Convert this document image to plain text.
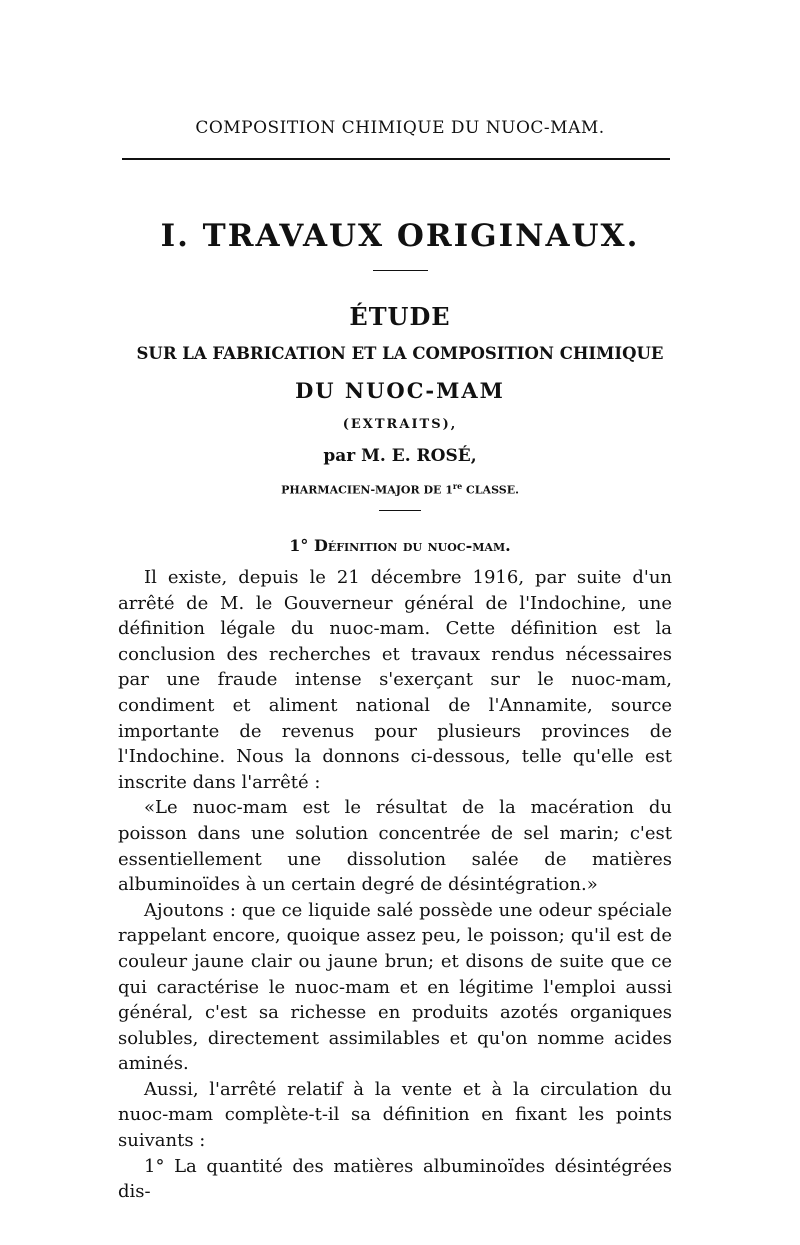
COMPOSITION CHIMIQUE DU NUOC-MAM.
I. TRAVAUX ORIGINAUX.
ÉTUDE
SUR LA FABRICATION ET LA COMPOSITION CHIMIQUE
DU NUOC-MAM
(EXTRAITS),
par M. E. ROSÉ,
PHARMACIEN-MAJOR DE 1re CLASSE.
1° Définition du nuoc-mam.

Il existe, depuis le 21 décembre 1916, par suite d'un arrêté de M. le Gouverneur général de l'Indochine, une définition légale du nuoc-mam. Cette définition est la conclusion des recherches et travaux rendus nécessaires par une fraude intense s'exerçant sur le nuoc-mam, condiment et aliment national de l'Annamite, source importante de revenus pour plusieurs provinces de l'Indochine. Nous la donnons ci-dessous, telle qu'elle est inscrite dans l'arrêté :

«Le nuoc-mam est le résultat de la macération du poisson dans une solution concentrée de sel marin; c'est essentiellement une dissolution salée de matières albuminoïdes à un certain degré de désintégration.»

Ajoutons : que ce liquide salé possède une odeur spéciale rappelant encore, quoique assez peu, le poisson; qu'il est de couleur jaune clair ou jaune brun; et disons de suite que ce qui caractérise le nuoc-mam et en légitime l'emploi aussi général, c'est sa richesse en produits azotés organiques solubles, directement assimilables et qu'on nomme acides aminés.

Aussi, l'arrêté relatif à la vente et à la circulation du nuoc-mam complète-t-il sa définition en fixant les points suivants :

1° La quantité des matières albuminoïdes désintégrées dis-
